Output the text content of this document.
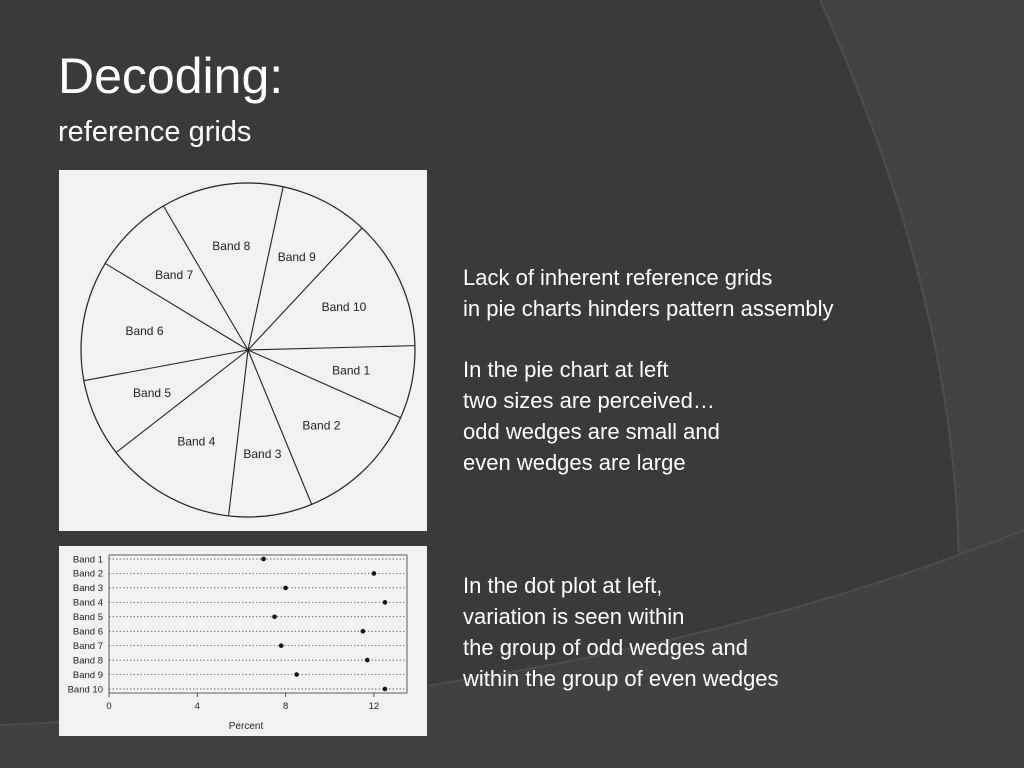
Decoding:
reference grids
Band 1
Band 2
Band 3
Band 4
Band 5
Band 6
Band 7
Band 8
Band 9
Band 10
Band 1
Band 2
Band 3
Band 4
Band 5
Band 6
Band 7
Band 8
Band 9
Band 10
0	4	8	12
Percent
Lack of inherent reference grids
in pie charts hinders pattern assembly
In the pie chart at left
two sizes are perceived…
odd wedges are small and
even wedges are large
In the dot plot at left,
variation is seen within
the group of odd wedges and
within the group of even wedges
